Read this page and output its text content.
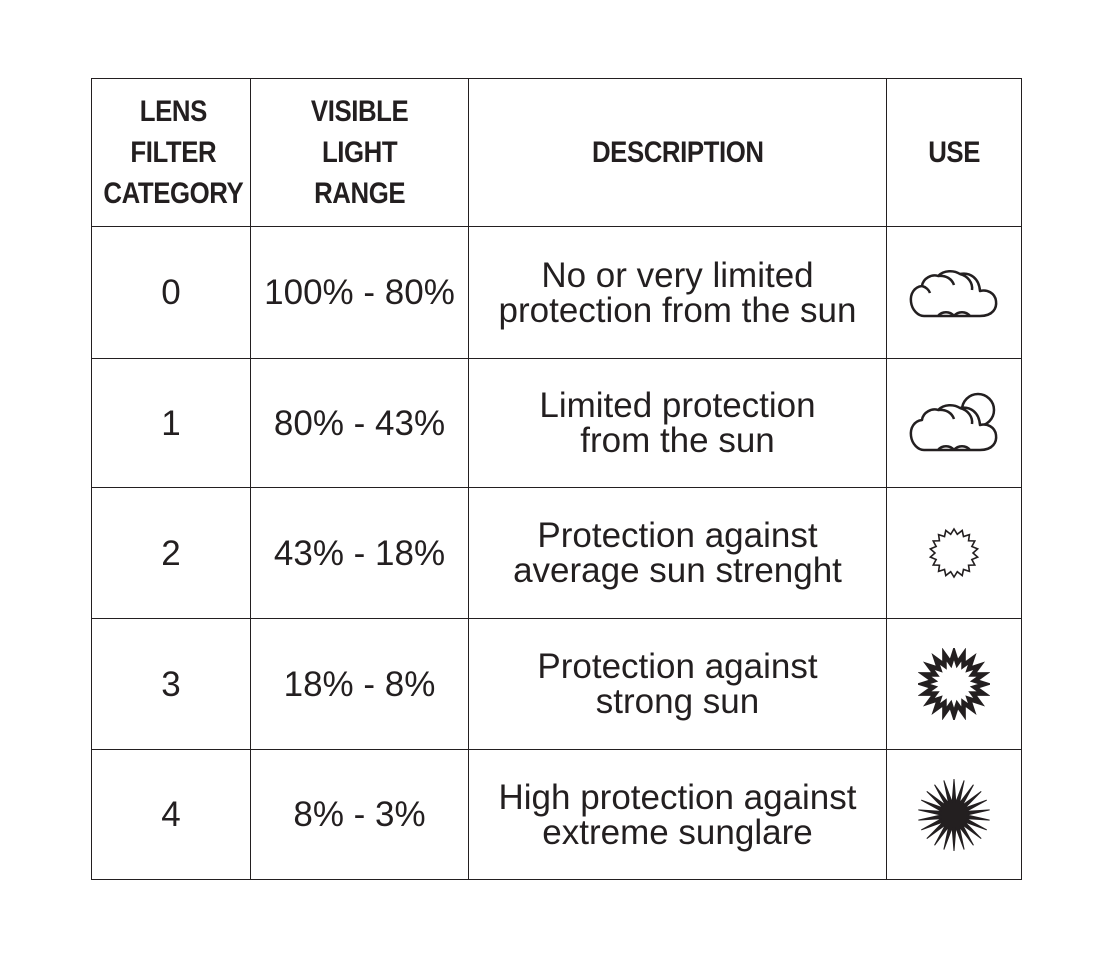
LENS
FILTER
CATEGORY	VISIBLE
LIGHT
RANGE	DESCRIPTION	USE
0	100% - 80%	No or very limited
protection from the sun	

1	80% - 43%	Limited protection
from the sun	

2	43% - 18%	Protection against
average sun strenght	

3	18% - 8%	Protection against
strong sun	

4	8% - 3%	High protection against
extreme sunglare	
